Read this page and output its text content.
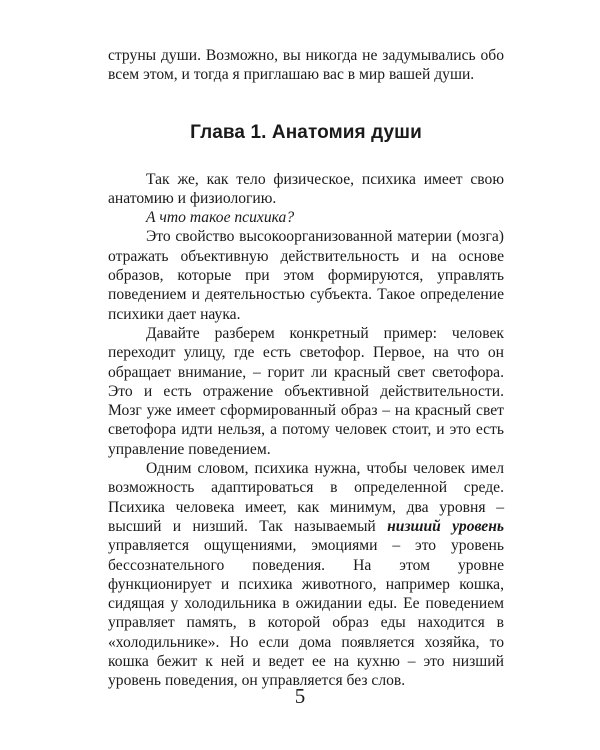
струны души. Возможно, вы никогда не задумывались обо всем этом, и тогда я приглашаю вас в мир вашей души.

Глава 1. Анатомия души

Так же, как тело физическое, психика имеет свою анатомию и физиологию.

А что такое психика?

Это свойство высокоорганизованной материи (мозга) отражать объективную действительность и на основе образов, которые при этом формируются, управлять поведением и деятельностью субъекта. Такое определение психики дает наука.

Давайте разберем конкретный пример: человек переходит улицу, где есть светофор. Первое, на что он обращает внимание, – горит ли красный свет светофора. Это и есть отражение объективной действительности. Мозг уже имеет сформированный образ – на красный свет светофора идти нельзя, а потому человек стоит, и это есть управление поведением.

Одним словом, психика нужна, чтобы человек имел возможность адаптироваться в определенной среде. Психика человека имеет, как минимум, два уровня – высший и низший. Так называемый низший уровень управляется ощущениями, эмоциями – это уровень бессознательного поведения. На этом уровне функционирует и психика животного, например кошка, сидящая у холодильника в ожидании еды. Ее поведением управляет память, в которой образ еды находится в «холодильнике». Но если дома появляется хозяйка, то кошка бежит к ней и ведет ее на кухню – это низший уровень поведения, он управляется без слов.

5
